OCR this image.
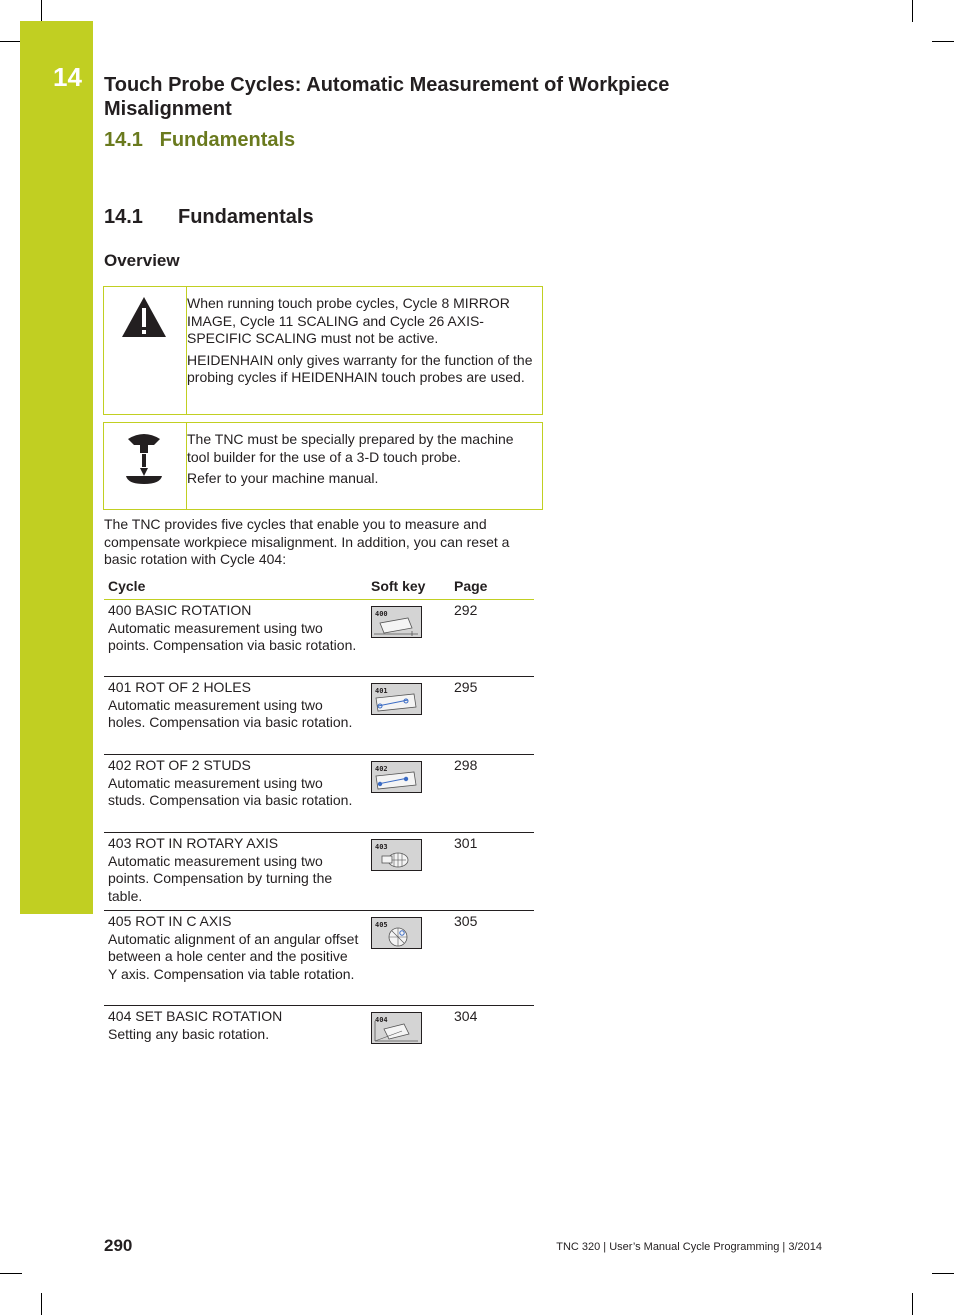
14 Touch Probe Cycles: Automatic Measurement of Workpiece Misalignment
14.1   Fundamentals
14.1 Fundamentals
Overview

When running touch probe cycles, Cycle 8 MIRROR IMAGE, Cycle 11 SCALING and Cycle 26 AXIS-SPECIFIC SCALING must not be active.

HEIDENHAIN only gives warranty for the function of the probing cycles if HEIDENHAIN touch probes are used.

The TNC must be specially prepared by the machine tool builder for the use of a 3-D touch probe.

Refer to your machine manual.

The TNC provides five cycles that enable you to measure and compensate workpiece misalignment. In addition, you can reset a basic rotation with Cycle 404:
Cycle	Soft key Page
400 BASIC ROTATION
Automatic measurement using two points. Compensation via basic rotation.
400	292
401 ROT OF 2 HOLES
Automatic measurement using two holes. Compensation via basic rotation.
401	295
402 ROT OF 2 STUDS
Automatic measurement using two studs. Compensation via basic rotation.
402	298
403 ROT IN ROTARY AXIS
Automatic measurement using two points. Compensation by turning the table.
403	301
405 ROT IN C AXIS
Automatic alignment of an angular offset between a hole center and the positive Y axis. Compensation via table rotation.
405	305
404 SET BASIC ROTATION
Setting any basic rotation.
404	304
290	TNC 320 | User’s Manual Cycle Programming | 3/2014
